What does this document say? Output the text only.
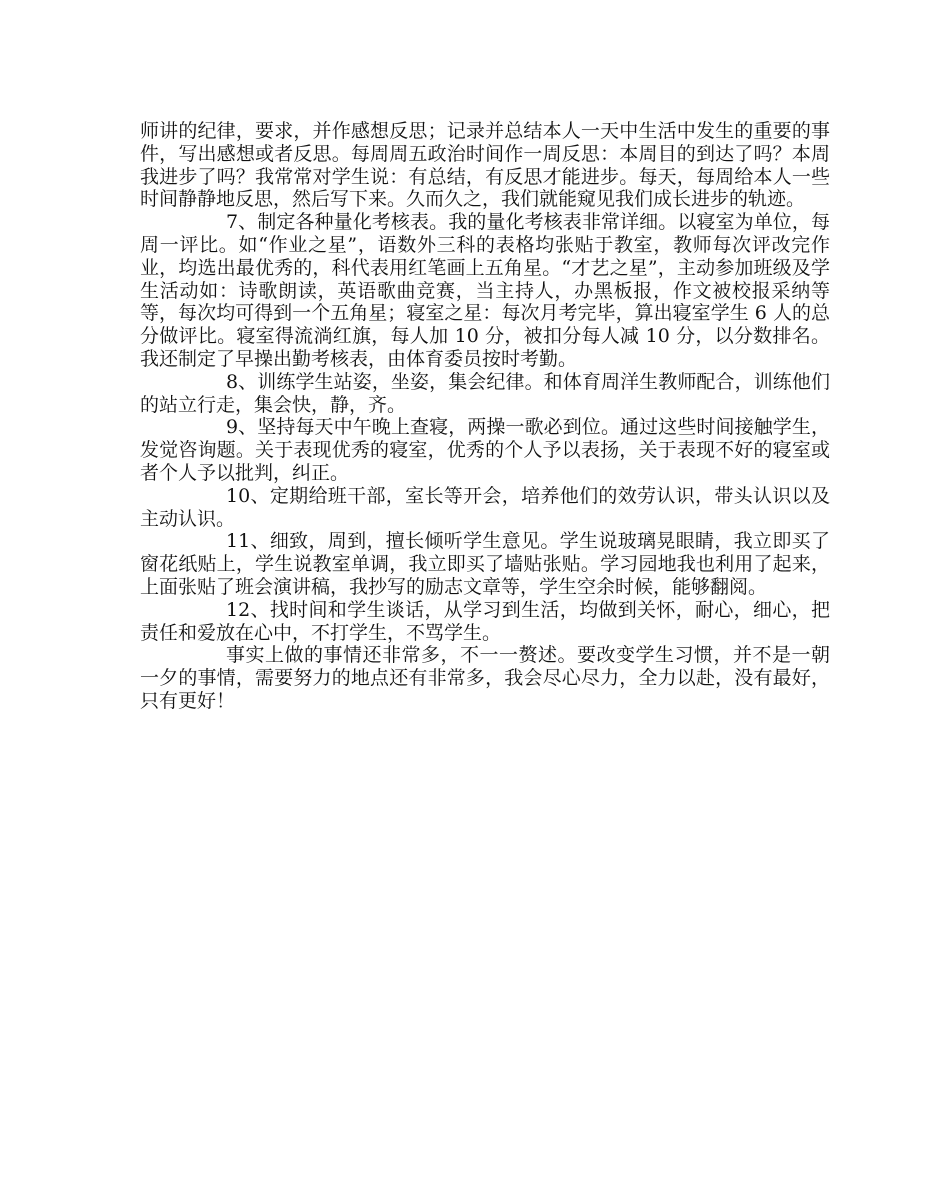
师讲的纪律，要求，并作感想反思；记录并总结本人一天中生活中发生的重要的事件，写出感想或者反思。每周周五政治时间作一周反思：本周目的到达了吗？本周我进步了吗？我常常对学生说：有总结，有反思才能进步。每天，每周给本人一些时间静静地反思，然后写下来。久而久之，我们就能窥见我们成长进步的轨迹。

7、制定各种量化考核表。我的量化考核表非常详细。以寝室为单位，每周一评比。如“作业之星”，语数外三科的表格均张贴于教室，教师每次评改完作业，均选出最优秀的，科代表用红笔画上五角星。“才艺之星”，主动参加班级及学生活动如：诗歌朗读，英语歌曲竞赛，当主持人，办黑板报，作文被校报采纳等等，每次均可得到一个五角星；寝室之星：每次月考完毕，算出寝室学生 6 人的总分做评比。寝室得流淌红旗，每人加 10 分，被扣分每人减 10 分，以分数排名。我还制定了早操出勤考核表，由体育委员按时考勤。

8、训练学生站姿，坐姿，集会纪律。和体育周洋生教师配合，训练他们的站立行走，集会快，静，齐。

9、坚持每天中午晚上查寝，两操一歌必到位。通过这些时间接触学生，发觉咨询题。关于表现优秀的寝室，优秀的个人予以表扬，关于表现不好的寝室或者个人予以批判，纠正。

10、定期给班干部，室长等开会，培养他们的效劳认识，带头认识以及主动认识。

11、细致，周到，擅长倾听学生意见。学生说玻璃晃眼睛，我立即买了窗花纸贴上，学生说教室单调，我立即买了墙贴张贴。学习园地我也利用了起来，上面张贴了班会演讲稿，我抄写的励志文章等，学生空余时候，能够翻阅。

12、找时间和学生谈话，从学习到生活，均做到关怀，耐心，细心，把责任和爱放在心中，不打学生，不骂学生。

事实上做的事情还非常多，不一一赘述。要改变学生习惯，并不是一朝一夕的事情，需要努力的地点还有非常多，我会尽心尽力，全力以赴，没有最好，只有更好！
